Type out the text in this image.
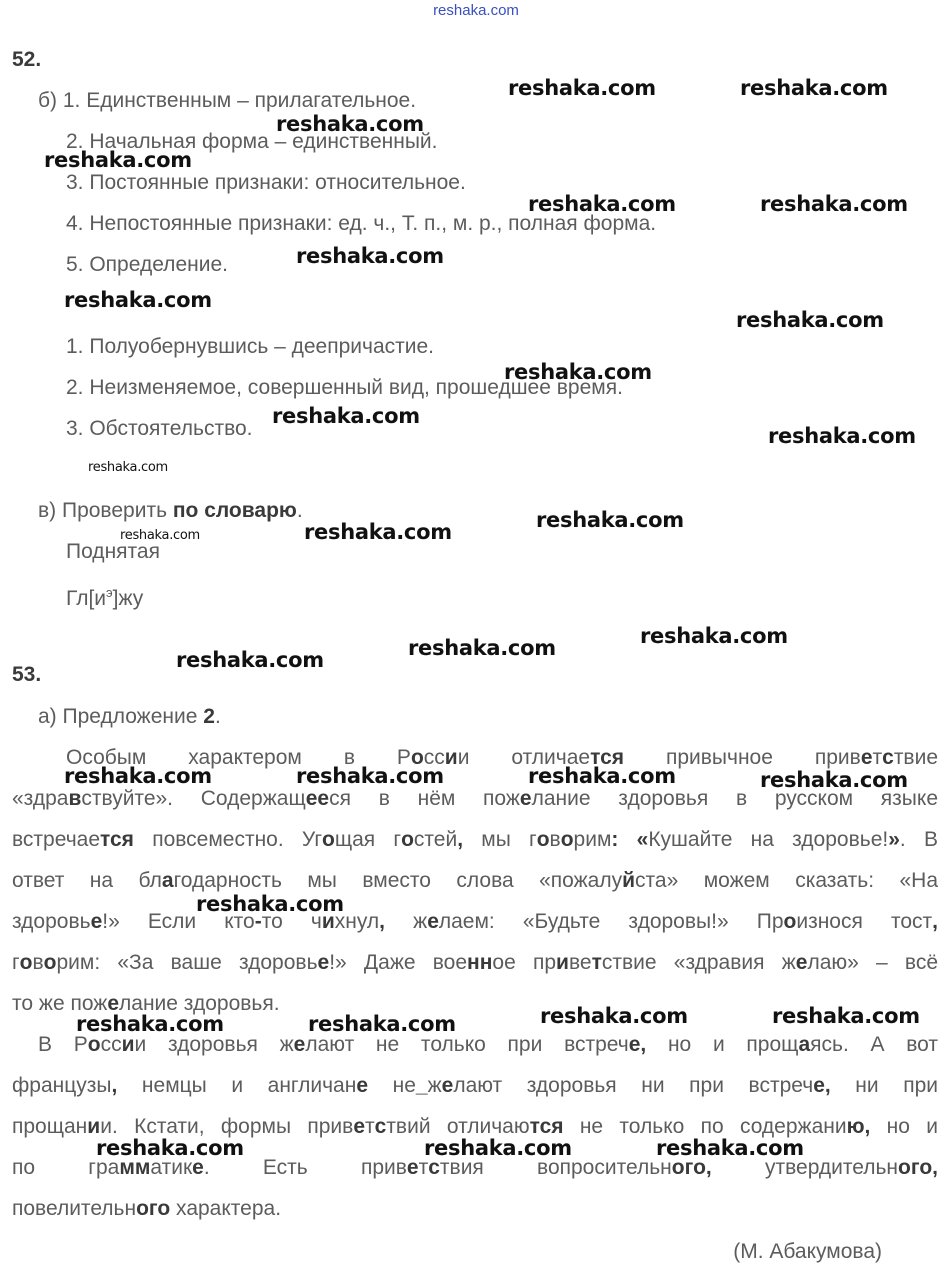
reshaka.com
52.
б) 1. Единственным – прилагательное.
2. Начальная форма – единственный.
3. Постоянные признаки: относительное.
4. Непостоянные признаки: ед. ч., Т. п., м. р., полная форма.
5. Определение.
1. Полуобернувшись – деепричастие.
2. Неизменяемое, совершенный вид, прошедшее время.
3. Обстоятельство.
в) Проверить по словарю.
Поднятая
$Гл[и^э]жу$
53.
а) Предложение 2.
Особым характером в России отличается привычное приветствие
«здравствуйте». Содержащееся в нём пожелание здоровья в русском языке
встречается повсеместно. Угощая гостей, мы говорим: «Кушайте на здоровье!». В
ответ на благодарность мы вместо слова «пожалуйста» можем сказать: «На
здоровье!» Если кто-то чихнул, желаем: «Будьте здоровы!» Произнося тост,
говорим: «За ваше здоровье!» Даже военное приветствие «здравия желаю» – всё
то же пожелание здоровья.
В России здоровья желают не только при встрече, но и прощаясь. А вот
французы, немцы и англичане не_желают здоровья ни при встрече, ни при
прощании. Кстати, формы приветствий отличаются не только по содержанию, но и
по грамматике. Есть приветствия вопросительного, утвердительного,
повелительного характера.
(М. Абакумова)
reshaka.com	reshaka.com
reshaka.com
reshaka.com
reshaka.com	reshaka.com
reshaka.com
reshaka.com
reshaka.com
reshaka.com
reshaka.com
reshaka.com
reshaka.com
reshaka.com
reshaka.com
reshaka.com
reshaka.com
reshaka.com
reshaka.com
reshaka.com	reshaka.com	reshaka.com	reshaka.com
reshaka.com
reshaka.com	reshaka.com
reshaka.com	reshaka.com
reshaka.com	reshaka.com	reshaka.com
